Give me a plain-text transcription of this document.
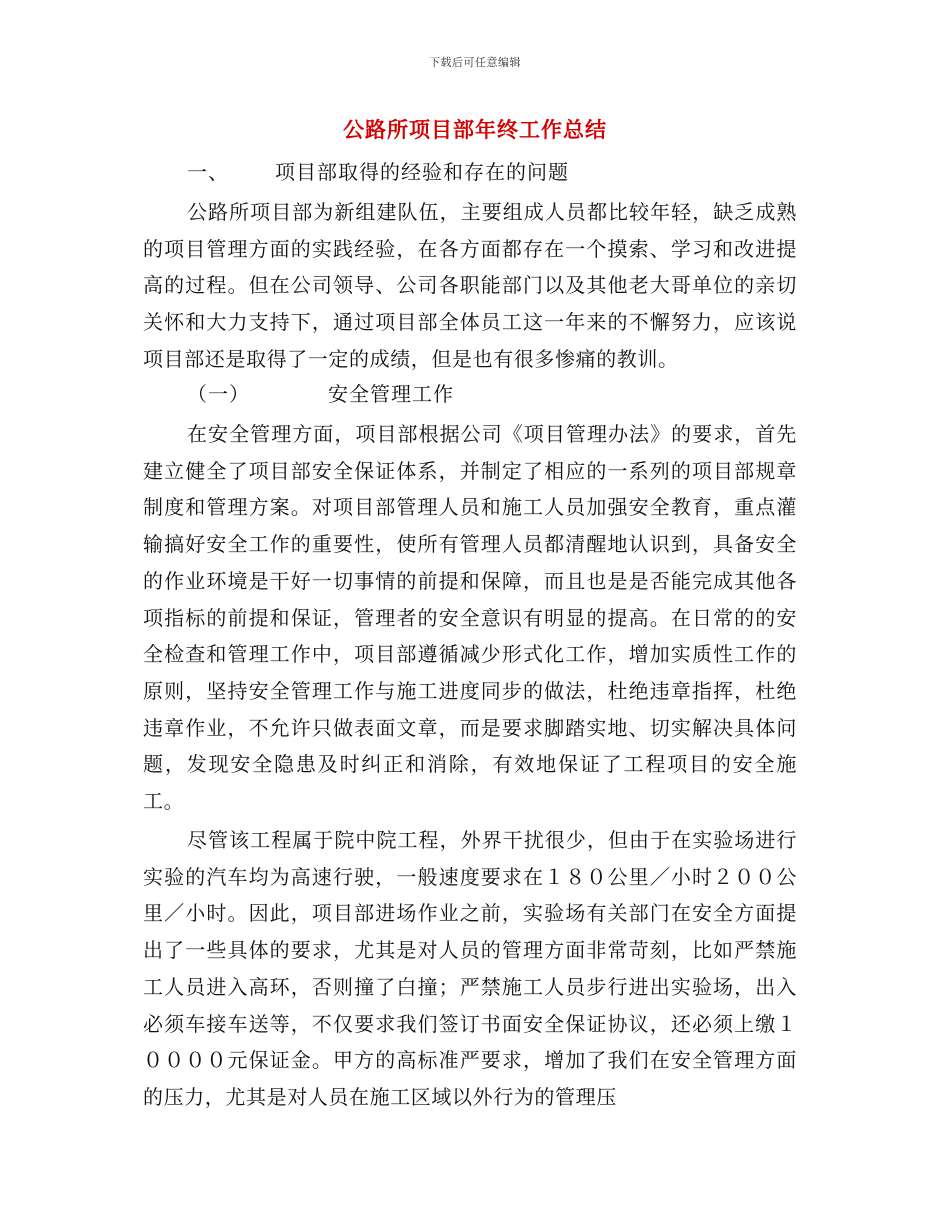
下载后可任意编辑
公路所项目部年终工作总结
一、 项目部取得的经验和存在的问题

公路所项目部为新组建队伍，主要组成人员都比较年轻，缺乏成熟的项目管理方面的实践经验，在各方面都存在一个摸索、学习和改进提高的过程。但在公司领导、公司各职能部门以及其他老大哥单位的亲切关怀和大力支持下，通过项目部全体员工这一年来的不懈努力，应该说项目部还是取得了一定的成绩，但是也有很多惨痛的教训。

（一）	安全管理工作

在安全管理方面，项目部根据公司《项目管理办法》的要求，首先建立健全了项目部安全保证体系，并制定了相应的一系列的项目部规章制度和管理方案。对项目部管理人员和施工人员加强安全教育，重点灌输搞好安全工作的重要性，使所有管理人员都清醒地认识到，具备安全的作业环境是干好一切事情的前提和保障，而且也是是否能完成其他各项指标的前提和保证，管理者的安全意识有明显的提高。在日常的的安全检查和管理工作中，项目部遵循减少形式化工作，增加实质性工作的原则，坚持安全管理工作与施工进度同步的做法，杜绝违章指挥，杜绝违章作业，不允许只做表面文章，而是要求脚踏实地、切实解决具体问题，发现安全隐患及时纠正和消除，有效地保证了工程项目的安全施工。

尽管该工程属于院中院工程，外界干扰很少，但由于在实验场进行实验的汽车均为高速行驶，一般速度要求在１８０公里／小时２００公里／小时。因此，项目部进场作业之前，实验场有关部门在安全方面提出了一些具体的要求，尤其是对人员的管理方面非常苛刻，比如严禁施工人员进入高环，否则撞了白撞；严禁施工人员步行进出实验场，出入必须车接车送等，不仅要求我们签订书面安全保证协议，还必须上缴１００００元保证金。甲方的高标准严要求，增加了我们在安全管理方面的压力，尤其是对人员在施工区域以外行为的管理压
